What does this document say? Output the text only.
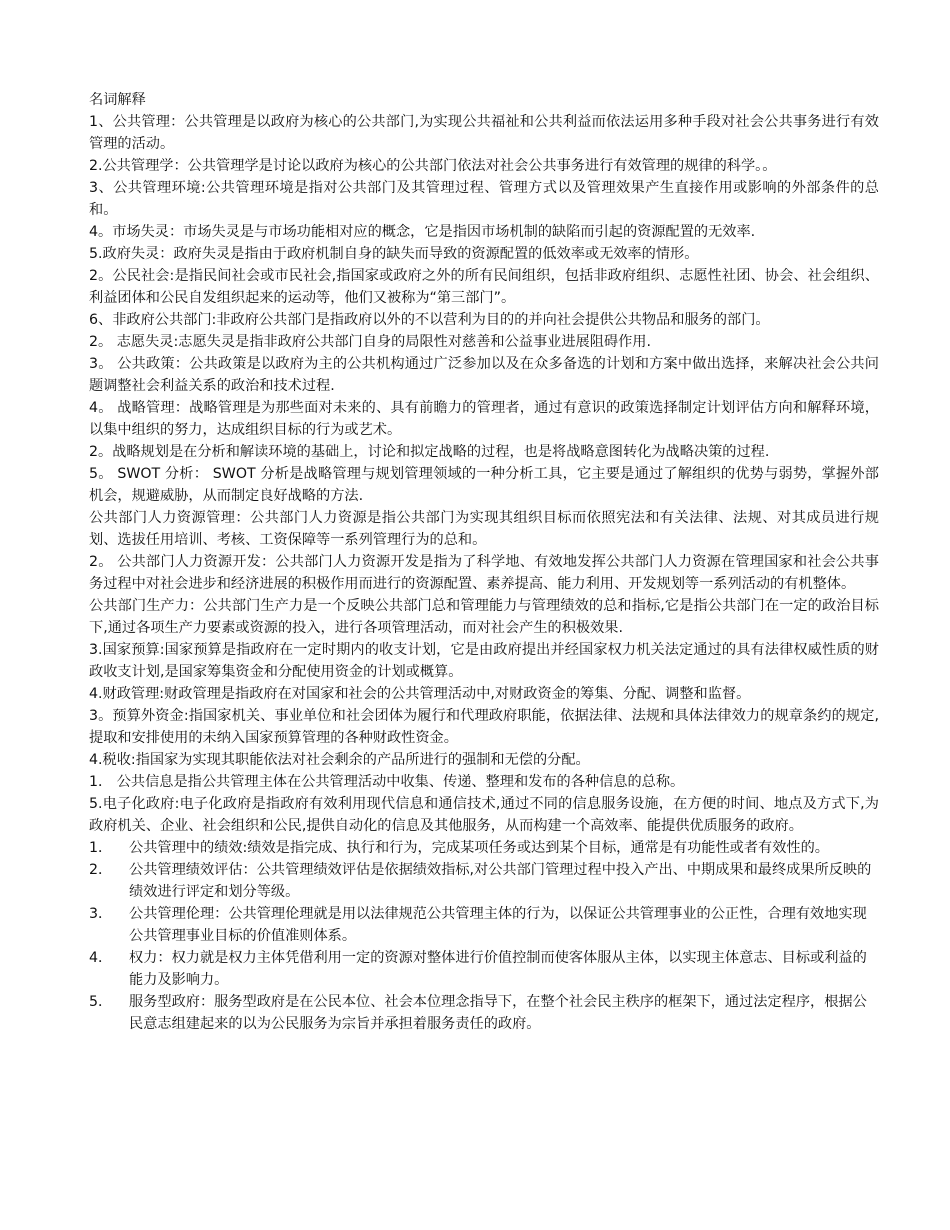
名词解释

1、公共管理：公共管理是以政府为核心的公共部门,为实现公共福祉和公共利益而依法运用多种手段对社会公共事务进行有效管理的活动。

2.公共管理学：公共管理学是讨论以政府为核心的公共部门依法对社会公共事务进行有效管理的规律的科学。。

3、公共管理环境:公共管理环境是指对公共部门及其管理过程、管理方式以及管理效果产生直接作用或影响的外部条件的总和。

4。市场失灵：市场失灵是与市场功能相对应的概念，它是指因市场机制的缺陷而引起的资源配置的无效率.

5.政府失灵：政府失灵是指由于政府机制自身的缺失而导致的资源配置的低效率或无效率的情形。

2。公民社会:是指民间社会或市民社会,指国家或政府之外的所有民间组织，包括非政府组织、志愿性社团、协会、社会组织、利益团体和公民自发组织起来的运动等，他们又被称为“第三部门”。

6、非政府公共部门:非政府公共部门是指政府以外的不以营利为目的的并向社会提供公共物品和服务的部门。

2。 志愿失灵:志愿失灵是指非政府公共部门自身的局限性对慈善和公益事业进展阻碍作用.

3。 公共政策：公共政策是以政府为主的公共机构通过广泛参加以及在众多备选的计划和方案中做出选择，来解决社会公共问题调整社会利益关系的政治和技术过程.

4。 战略管理：战略管理是为那些面对未来的、具有前瞻力的管理者，通过有意识的政策选择制定计划评估方向和解释环境，以集中组织的努力，达成组织目标的行为或艺术。

2。战略规划是在分析和解读环境的基础上，讨论和拟定战略的过程，也是将战略意图转化为战略决策的过程.

5。 SWOT 分析： SWOT 分析是战略管理与规划管理领域的一种分析工具，它主要是通过了解组织的优势与弱势，掌握外部机会，规避威胁，从而制定良好战略的方法.

公共部门人力资源管理：公共部门人力资源是指公共部门为实现其组织目标而依照宪法和有关法律、法规、对其成员进行规划、选拔任用培训、考核、工资保障等一系列管理行为的总和。

2。 公共部门人力资源开发：公共部门人力资源开发是指为了科学地、有效地发挥公共部门人力资源在管理国家和社会公共事务过程中对社会进步和经济进展的积极作用而进行的资源配置、素养提高、能力利用、开发规划等一系列活动的有机整体。

公共部门生产力：公共部门生产力是一个反映公共部门总和管理能力与管理绩效的总和指标,它是指公共部门在一定的政治目标下,通过各项生产力要素或资源的投入，进行各项管理活动，而对社会产生的积极效果.

3.国家预算:国家预算是指政府在一定时期内的收支计划，它是由政府提出并经国家权力机关法定通过的具有法律权威性质的财政收支计划,是国家筹集资金和分配使用资金的计划或概算。

4.财政管理:财政管理是指政府在对国家和社会的公共管理活动中,对财政资金的筹集、分配、调整和监督。

3。预算外资金:指国家机关、事业单位和社会团体为履行和代理政府职能，依据法律、法规和具体法律效力的规章条约的规定,提取和安排使用的未纳入国家预算管理的各种财政性资金。

4.税收:指国家为实现其职能依法对社会剩余的产品所进行的强制和无偿的分配。

1． 公共信息是指公共管理主体在公共管理活动中收集、传递、整理和发布的各种信息的总称。

5.电子化政府:电子化政府是指政府有效利用现代信息和通信技术,通过不同的信息服务设施，在方便的时间、地点及方式下,为政府机关、企业、社会组织和公民,提供自动化的信息及其他服务，从而构建一个高效率、能提供优质服务的政府。

1．	公共管理中的绩效:绩效是指完成、执行和行为，完成某项任务或达到某个目标，通常是有功能性或者有效性的。
2．	公共管理绩效评估：公共管理绩效评估是依据绩效指标,对公共部门管理过程中投入产出、中期成果和最终成果所反映的绩效进行评定和划分等级。
3．	公共管理伦理：公共管理伦理就是用以法律规范公共管理主体的行为，以保证公共管理事业的公正性，合理有效地实现公共管理事业目标的价值准则体系。
4．	权力：权力就是权力主体凭借利用一定的资源对整体进行价值控制而使客体服从主体，以实现主体意志、目标或利益的能力及影响力。
5．	服务型政府：服务型政府是在公民本位、社会本位理念指导下，在整个社会民主秩序的框架下，通过法定程序，根据公民意志组建起来的以为公民服务为宗旨并承担着服务责任的政府。
